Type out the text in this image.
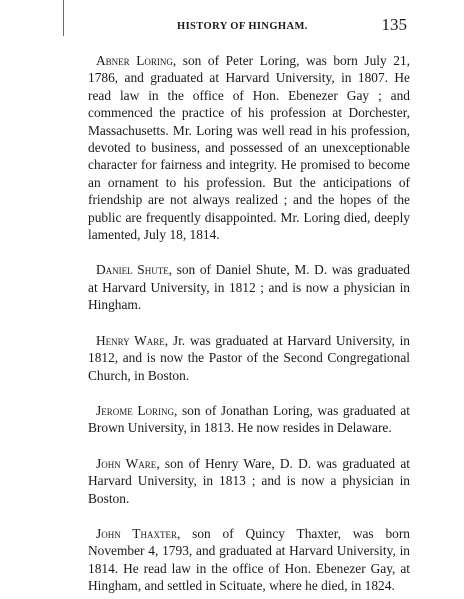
HISTORY OF HINGHAM.	135

Abner Loring, son of Peter Loring, was born July 21, 1786, and graduated at Harvard University, in 1807. He read law in the office of Hon. Ebenezer Gay ; and commenced the practice of his profession at Dorchester, Massachusetts. Mr. Loring was well read in his profession, devoted to business, and possessed of an unexceptionable character for fairness and integrity. He promised to become an ornament to his profession. But the anticipations of friendship are not always realized ; and the hopes of the public are frequently disappointed. Mr. Loring died, deeply lamented, July 18, 1814.

Daniel Shute, son of Daniel Shute, M. D. was graduated at Harvard University, in 1812 ; and is now a physician in Hingham.

Henry Ware, Jr. was graduated at Harvard University, in 1812, and is now the Pastor of the Second Congregational Church, in Boston.

Jerome Loring, son of Jonathan Loring, was graduated at Brown University, in 1813. He now resides in Delaware.

John Ware, son of Henry Ware, D. D. was graduated at Harvard University, in 1813 ; and is now a physician in Boston.

John Thaxter, son of Quincy Thaxter, was born November 4, 1793, and graduated at Harvard University, in 1814. He read law in the office of Hon. Ebenezer Gay, at Hingham, and settled in Scituate, where he died, in 1824.
